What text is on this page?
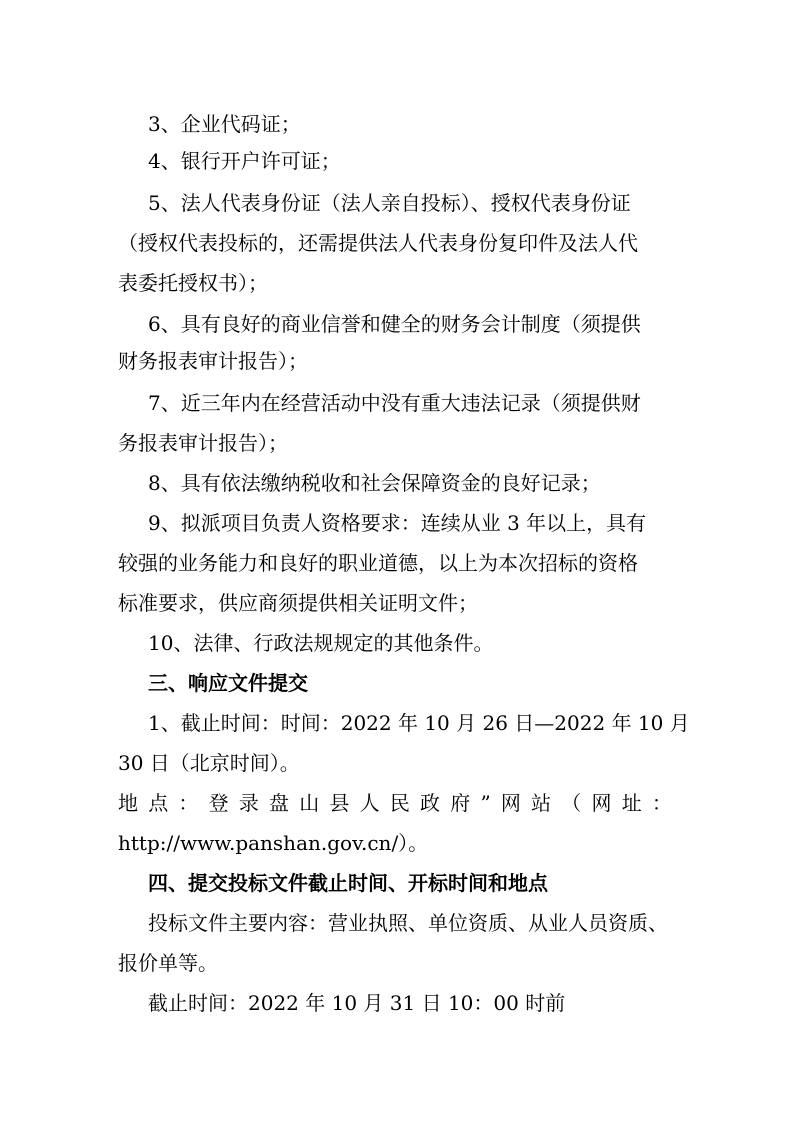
3、企业代码证；
4、银行开户许可证；
5、法人代表身份证（法人亲自投标）、授权代表身份证
（授权代表投标的，还需提供法人代表身份复印件及法人代
表委托授权书）；
6、具有良好的商业信誉和健全的财务会计制度（须提供
财务报表审计报告）；
7、近三年内在经营活动中没有重大违法记录（须提供财
务报表审计报告）；
8、具有依法缴纳税收和社会保障资金的良好记录；
9、拟派项目负责人资格要求：连续从业 3 年以上，具有
较强的业务能力和良好的职业道德，以上为本次招标的资格
标准要求，供应商须提供相关证明文件；
10、法律、行政法规规定的其他条件。
三、响应文件提交
1、截止时间：时间：2022 年 10 月 26 日—2022 年 10 月
30 日（北京时间）。
地 点 ： 登 录 盘 山 县 人 民 政 府 ” 网 站 （ 网 址 ：
http://www.panshan.gov.cn/）。
四、提交投标文件截止时间、开标时间和地点
投标文件主要内容：营业执照、单位资质、从业人员资质、
报价单等。
截止时间：2022 年 10 月 31 日 10：00 时前
